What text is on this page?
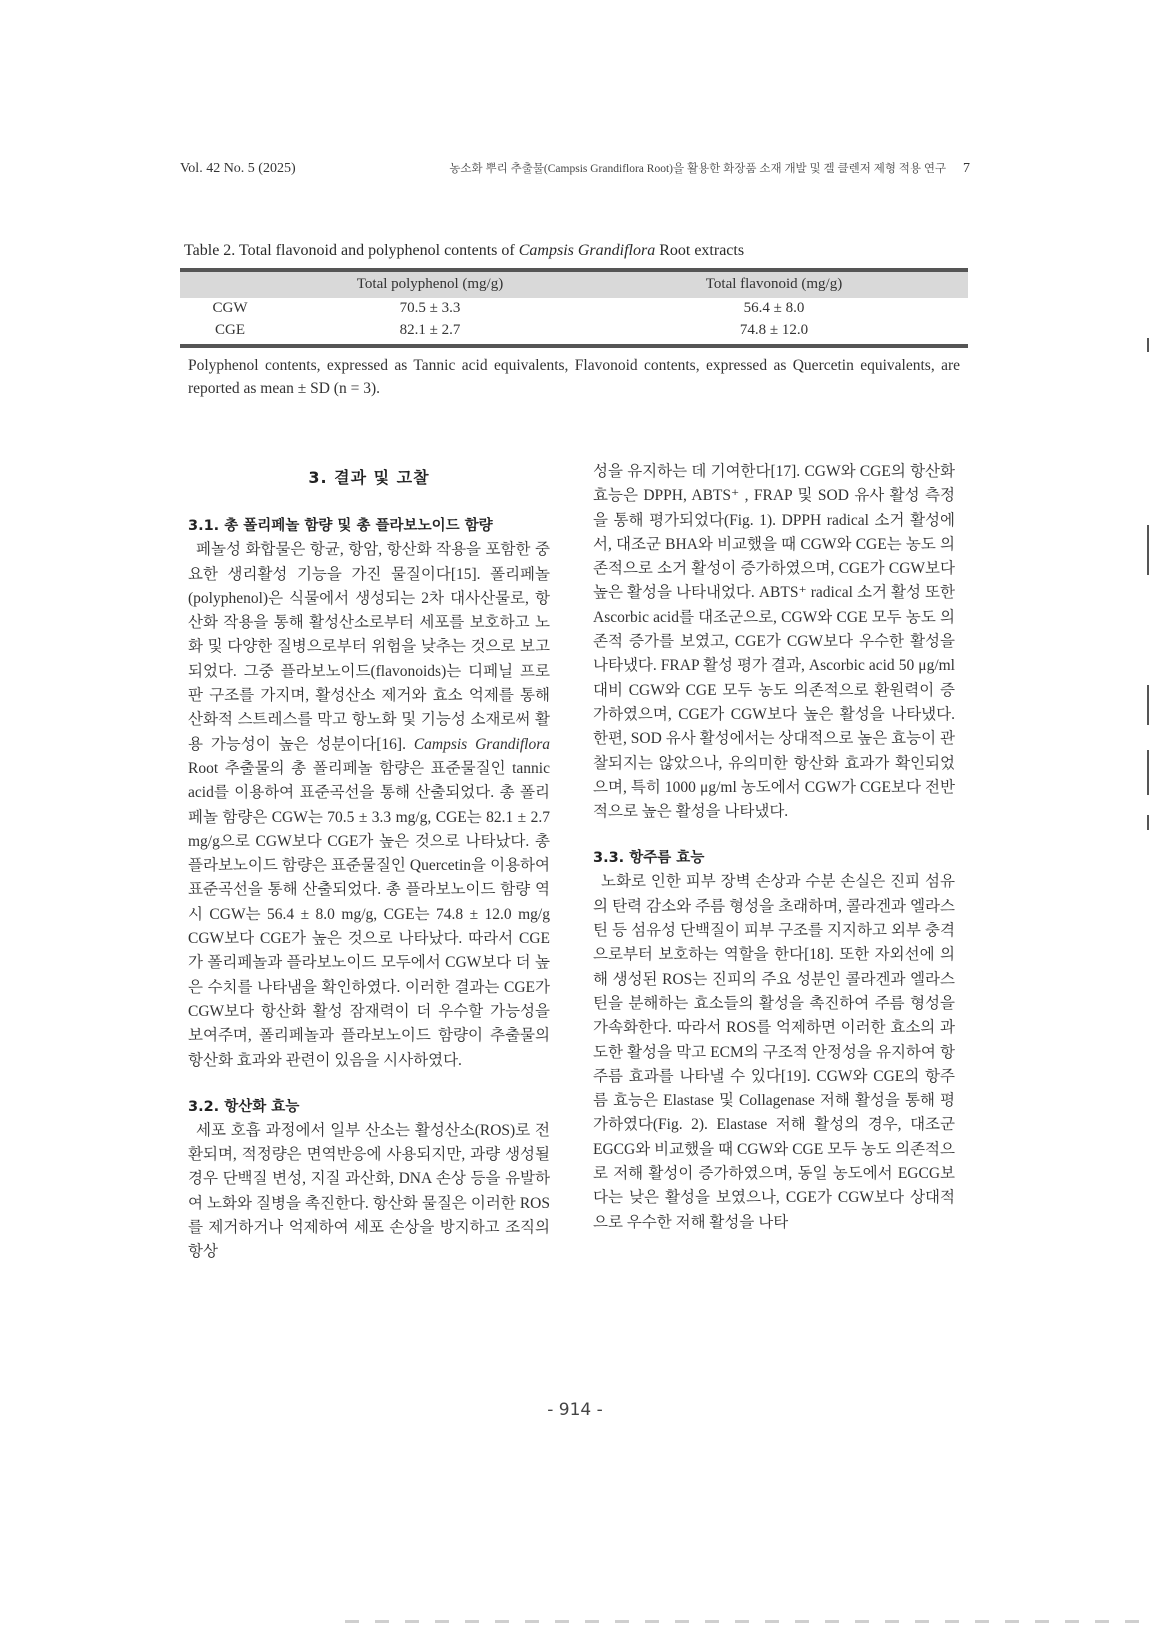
Vol. 42 No. 5 (2025)	농소화 뿌리 추출물(Campsis Grandiflora Root)을 활용한 화장품 소재 개발 및 겔 클렌저 제형 적용 연구 7
Table 2. Total flavonoid and polyphenol contents of Campsis Grandiflora Root extracts
	Total polyphenol (mg/g)	Total flavonoid (mg/g)
CGW	70.5 ± 3.3	56.4 ± 8.0
CGE	82.1 ± 2.7	74.8 ± 12.0

Polyphenol contents, expressed as Tannic acid equivalents, Flavonoid contents, expressed as Quercetin equivalents, are reported as mean ± SD (n = 3).

3. 결과 및 고찰
3.1. 총 폴리페놀 함량 및 총 플라보노이드 함량

페놀성 화합물은 항균, 항암, 항산화 작용을 포함한 중요한 생리활성 기능을 가진 물질이다[15]. 폴리페놀(polyphenol)은 식물에서 생성되는 2차 대사산물로, 항산화 작용을 통해 활성산소로부터 세포를 보호하고 노화 및 다양한 질병으로부터 위험을 낮추는 것으로 보고되었다. 그중 플라보노이드(flavonoids)는 디페닐 프로판 구조를 가지며, 활성산소 제거와 효소 억제를 통해 산화적 스트레스를 막고 항노화 및 기능성 소재로써 활용 가능성이 높은 성분이다[16]. Campsis Grandiflora Root 추출물의 총 폴리페놀 함량은 표준물질인 tannic acid를 이용하여 표준곡선을 통해 산출되었다. 총 폴리페놀 함량은 CGW는 70.5 ± 3.3 mg/g, CGE는 82.1 ± 2.7 mg/g으로 CGW보다 CGE가 높은 것으로 나타났다. 총 플라보노이드 함량은 표준물질인 Quercetin을 이용하여 표준곡선을 통해 산출되었다. 총 플라보노이드 함량 역시 CGW는 56.4 ± 8.0 mg/g, CGE는 74.8 ± 12.0 mg/g CGW보다 CGE가 높은 것으로 나타났다. 따라서 CGE가 폴리페놀과 플라보노이드 모두에서 CGW보다 더 높은 수치를 나타냄을 확인하였다. 이러한 결과는 CGE가 CGW보다 항산화 활성 잠재력이 더 우수할 가능성을 보여주며, 폴리페놀과 플라보노이드 함량이 추출물의 항산화 효과와 관련이 있음을 시사하였다.

3.2. 항산화 효능

세포 호흡 과정에서 일부 산소는 활성산소(ROS)로 전환되며, 적정량은 면역반응에 사용되지만, 과량 생성될 경우 단백질 변성, 지질 과산화, DNA 손상 등을 유발하여 노화와 질병을 촉진한다. 항산화 물질은 이러한 ROS를 제거하거나 억제하여 세포 손상을 방지하고 조직의 항상

성을 유지하는 데 기여한다[17]. CGW와 CGE의 항산화 효능은 DPPH, ABTS⁺ , FRAP 및 SOD 유사 활성 측정을 통해 평가되었다(Fig. 1). DPPH radical 소거 활성에서, 대조군 BHA와 비교했을 때 CGW와 CGE는 농도 의존적으로 소거 활성이 증가하였으며, CGE가 CGW보다 높은 활성을 나타내었다. ABTS⁺ radical 소거 활성 또한 Ascorbic acid를 대조군으로, CGW와 CGE 모두 농도 의존적 증가를 보였고, CGE가 CGW보다 우수한 활성을 나타냈다. FRAP 활성 평가 결과, Ascorbic acid 50 μg/ml 대비 CGW와 CGE 모두 농도 의존적으로 환원력이 증가하였으며, CGE가 CGW보다 높은 활성을 나타냈다. 한편, SOD 유사 활성에서는 상대적으로 높은 효능이 관찰되지는 않았으나, 유의미한 항산화 효과가 확인되었으며, 특히 1000 μg/ml 농도에서 CGW가 CGE보다 전반적으로 높은 활성을 나타냈다.

3.3. 항주름 효능

노화로 인한 피부 장벽 손상과 수분 손실은 진피 섬유의 탄력 감소와 주름 형성을 초래하며, 콜라겐과 엘라스틴 등 섬유성 단백질이 피부 구조를 지지하고 외부 충격으로부터 보호하는 역할을 한다[18]. 또한 자외선에 의해 생성된 ROS는 진피의 주요 성분인 콜라겐과 엘라스틴을 분해하는 효소들의 활성을 촉진하여 주름 형성을 가속화한다. 따라서 ROS를 억제하면 이러한 효소의 과도한 활성을 막고 ECM의 구조적 안정성을 유지하여 항주름 효과를 나타낼 수 있다[19]. CGW와 CGE의 항주름 효능은 Elastase 및 Collagenase 저해 활성을 통해 평가하였다(Fig. 2). Elastase 저해 활성의 경우, 대조군 EGCG와 비교했을 때 CGW와 CGE 모두 농도 의존적으로 저해 활성이 증가하였으며, 동일 농도에서 EGCG보다는 낮은 활성을 보였으나, CGE가 CGW보다 상대적으로 우수한 저해 활성을 나타

- 914 -
